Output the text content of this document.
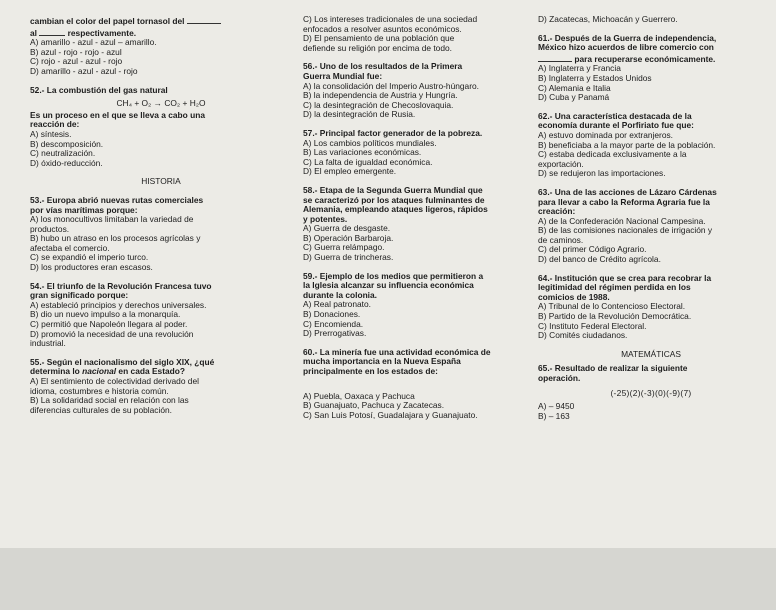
cambian el color del papel tornasol del

al	respectivamente.

A) amarillo - azul - azul – amarillo.

B) azul - rojo - rojo - azul

C) rojo - azul - azul - rojo

D) amarillo - azul - azul - rojo

52.- La combustión del gas natural

CH₄ + O₂ → CO₂ + H₂O

Es un proceso en el que se lleva a cabo una

reacción de:

A) síntesis.

B) descomposición.

C) neutralización.

D) óxido-reducción.

HISTORIA

53.- Europa abrió nuevas rutas comerciales

por vías marítimas porque:

A) los monocultivos limitaban la variedad de

productos.

B) hubo un atraso en los procesos agrícolas y

afectaba el comercio.

C) se expandió el imperio turco.

D) los productores eran escasos.

54.- El triunfo de la Revolución Francesa tuvo

gran significado porque:

A) estableció principios y derechos universales.

B) dio un nuevo impulso a la monarquía.

C) permitió que Napoleón llegara al poder.

D) promovió la necesidad de una revolución

industrial.

55.- Según el nacionalismo del siglo XIX, ¿qué

determina lo nacional en cada Estado?

A) El sentimiento de colectividad derivado del

idioma, costumbres e historia común.

B) La solidaridad social en relación con las

diferencias culturales de su población.

C) Los intereses tradicionales de una sociedad

enfocados a resolver asuntos económicos.

D) El pensamiento de una población que

defiende su religión por encima de todo.

56.- Uno de los resultados de la Primera

Guerra Mundial fue:

A) la consolidación del Imperio Austro-húngaro.

B) la independencia de Austria y Hungría.

C) la desintegración de Checoslovaquia.

D) la desintegración de Rusia.

57.- Principal factor generador de la pobreza.

A) Los cambios políticos mundiales.

B) Las variaciones económicas.

C) La falta de igualdad económica.

D) El empleo emergente.

58.- Etapa de la Segunda Guerra Mundial que

se caracterizó por los ataques fulminantes de

Alemania, empleando ataques ligeros, rápidos

y potentes.

A) Guerra de desgaste.

B) Operación Barbaroja.

C) Guerra relámpago.

D) Guerra de trincheras.

59.- Ejemplo de los medios que permitieron a

la Iglesia alcanzar su influencia económica

durante la colonia.

A) Real patronato.

B) Donaciones.

C) Encomienda.

D) Prerrogativas.

60.- La minería fue una actividad económica de

mucha importancia en la Nueva España

principalmente en los estados de:

A) Puebla, Oaxaca y Pachuca

B) Guanajuato, Pachuca y Zacatecas.

C) San Luis Potosí, Guadalajara y Guanajuato.

D) Zacatecas, Michoacán y Guerrero.

61.- Después de la Guerra de independencia,

México hizo acuerdos de libre comercio con

para recuperarse económicamente.

A) Inglaterra y Francia

B) Inglaterra y Estados Unidos

C) Alemania e Italia

D) Cuba y Panamá

62.- Una característica destacada de la

economía durante el Porfiriato fue que:

A) estuvo dominada por extranjeros.

B) beneficiaba a la mayor parte de la población.

C) estaba dedicada exclusivamente a la

exportación.

D) se redujeron las importaciones.

63.- Una de las acciones de Lázaro Cárdenas

para llevar a cabo la Reforma Agraria fue la

creación:

A) de la Confederación Nacional Campesina.

B) de las comisiones nacionales de irrigación y

de caminos.

C) del primer Código Agrario.

D) del banco de Crédito agrícola.

64.- Institución que se crea para recobrar la

legitimidad del régimen perdida en los

comicios de 1988.

A) Tribunal de lo Contencioso Electoral.

B) Partido de la Revolución Democrática.

C) Instituto Federal Electoral.

D) Comités ciudadanos.

MATEMÁTICAS

65.- Resultado de realizar la siguiente

operación.

(-25)(2)(-3)(0)(-9)(7)

A) – 9450

B) – 163
